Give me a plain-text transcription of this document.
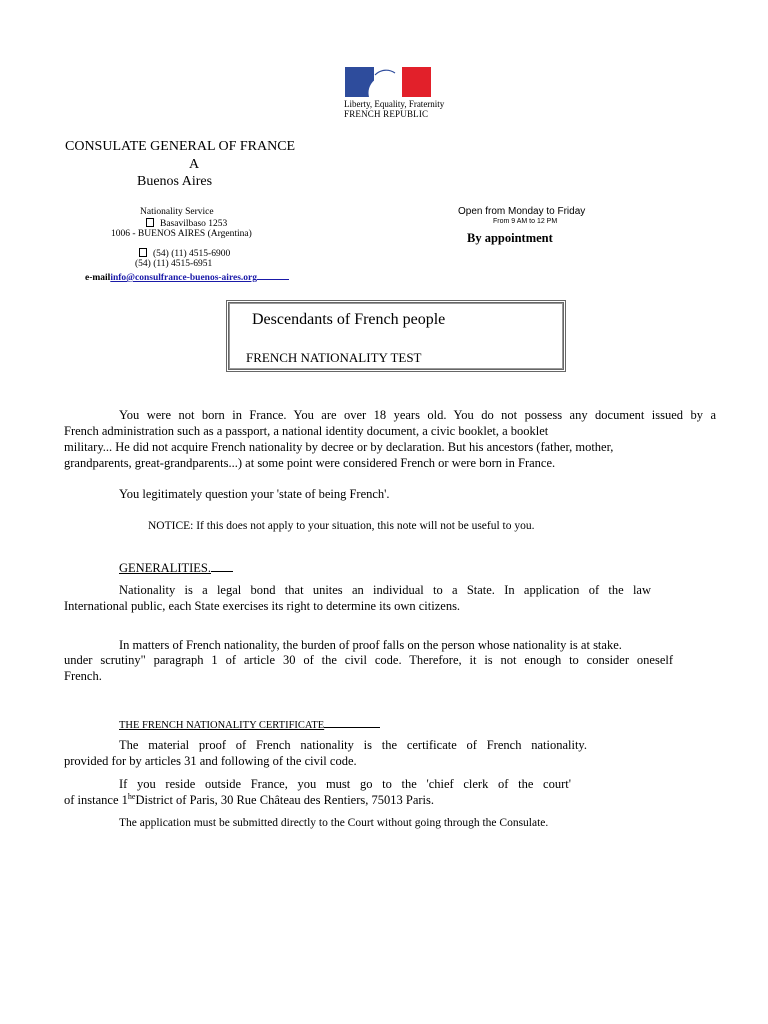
Liberty, Equality, Fraternity
FRENCH REPUBLIC
CONSULATE GENERAL OF FRANCE
A
Buenos Aires
Nationality Service
Basavilbaso 1253
1006 - BUENOS AIRES (Argentina)
(54) (11) 4515-6900
(54) (11) 4515-6951
e-mailinfo@consulfrance-buenos-aires.org
Open from Monday to Friday
From 9 AM to 12 PM
By appointment
Descendants of French people
FRENCH NATIONALITY TEST
You were not born in France. You are over 18 years old. You do not possess any document issued by a
French administration such as a passport, a national identity document, a civic booklet, a booklet
military... He did not acquire French nationality by decree or by declaration. But his ancestors (father, mother,
grandparents, great-grandparents...) at some point were considered French or were born in France.
You legitimately question your 'state of being French'.
NOTICE: If this does not apply to your situation, this note will not be useful to you.
GENERALITIES.
Nationality is a legal bond that unites an individual to a State. In application of the law
International public, each State exercises its right to determine its own citizens.
In matters of French nationality, the burden of proof falls on the person whose nationality is at stake.
under scrutiny" paragraph 1 of article 30 of the civil code. Therefore, it is not enough to consider oneself
French.
THE FRENCH NATIONALITY CERTIFICATE
The material proof of French nationality is the certificate of French nationality.
provided for by articles 31 and following of the civil code.
If you reside outside France, you must go to the 'chief clerk of the court'
of instance $1^{he}District$ of Paris, 30 Rue Château des Rentiers, 75013 Paris.
The application must be submitted directly to the Court without going through the Consulate.
